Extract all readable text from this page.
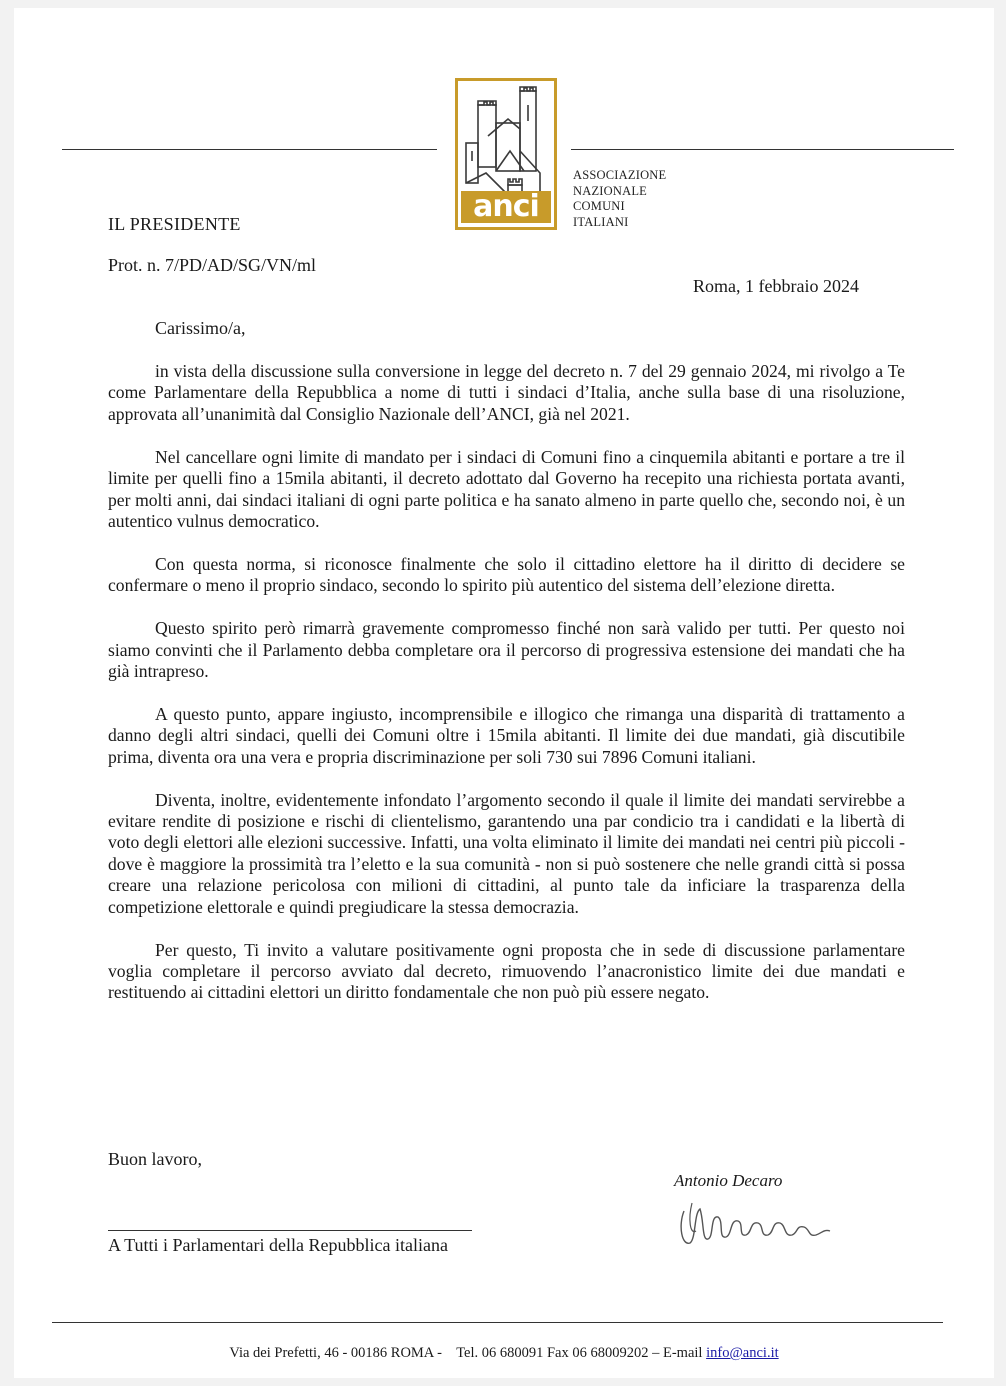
anci
ASSOCIAZIONE
NAZIONALE
COMUNI
ITALIANI
IL PRESIDENTE
Prot. n. 7/PD/AD/SG/VN/ml
Roma, 1 febbraio 2024
Carissimo/a,

in vista della discussione sulla conversione in legge del decreto n. 7 del 29 gennaio 2024, mi rivolgo a Te come Parlamentare della Repubblica a nome di tutti i sindaci d’Italia, anche sulla base di una risoluzione, approvata all’unanimità dal Consiglio Nazionale dell’ANCI, già nel 2021.

Nel cancellare ogni limite di mandato per i sindaci di Comuni fino a cinquemila abitanti e portare a tre il limite per quelli fino a 15mila abitanti, il decreto adottato dal Governo ha recepito una richiesta portata avanti, per molti anni, dai sindaci italiani di ogni parte politica e ha sanato almeno in parte quello che, secondo noi, è un autentico vulnus democratico.

Con questa norma, si riconosce finalmente che solo il cittadino elettore ha il diritto di decidere se confermare o meno il proprio sindaco, secondo lo spirito più autentico del sistema dell’elezione diretta.

Questo spirito però rimarrà gravemente compromesso finché non sarà valido per tutti. Per questo noi siamo convinti che il Parlamento debba completare ora il percorso di progressiva estensione dei mandati che ha già intrapreso.

A questo punto, appare ingiusto, incomprensibile e illogico che rimanga una disparità di trattamento a danno degli altri sindaci, quelli dei Comuni oltre i 15mila abitanti. Il limite dei due mandati, già discutibile prima, diventa ora una vera e propria discriminazione per soli 730 sui 7896 Comuni italiani.

Diventa, inoltre, evidentemente infondato l’argomento secondo il quale il limite dei mandati servirebbe a evitare rendite di posizione e rischi di clientelismo, garantendo una par condicio tra i candidati e la libertà di voto degli elettori alle elezioni successive. Infatti, una volta eliminato il limite dei mandati nei centri più piccoli - dove è maggiore la prossimità tra l’eletto e la sua comunità - non si può sostenere che nelle grandi città si possa creare una relazione pericolosa con milioni di cittadini, al punto tale da inficiare la trasparenza della competizione elettorale e quindi pregiudicare la stessa democrazia.

Per questo, Ti invito a valutare positivamente ogni proposta che in sede di discussione parlamentare voglia completare il percorso avviato dal decreto, rimuovendo l’anacronistico limite dei due mandati e restituendo ai cittadini elettori un diritto fondamentale che non può più essere negato.

Buon lavoro,
Antonio Decaro
A Tutti i Parlamentari della Repubblica italiana
Via dei Prefetti, 46 - 00186 ROMA - Tel. 06 680091 Fax 06 68009202 – E-mail info@anci.it
